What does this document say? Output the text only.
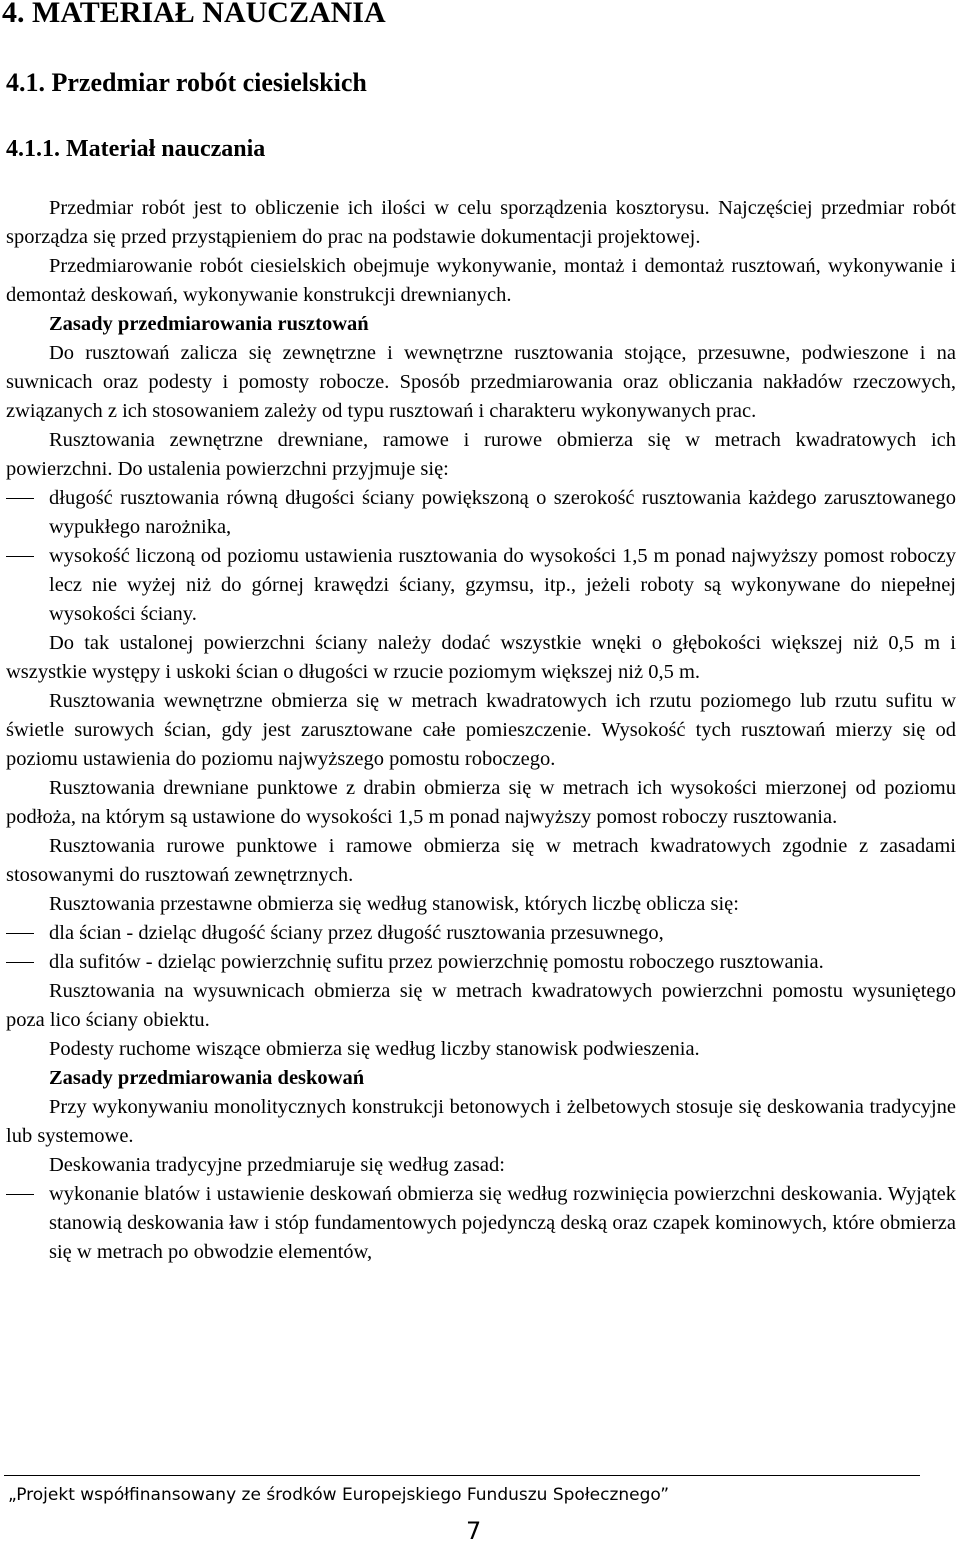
4. MATERIAŁ NAUCZANIA
4.1. Przedmiar robót ciesielskich
4.1.1. Materiał nauczania

Przedmiar robót jest to obliczenie ich ilości w celu sporządzenia kosztorysu. Najczęściej przedmiar robót sporządza się przed przystąpieniem do prac na podstawie dokumentacji projektowej.

Przedmiarowanie robót ciesielskich obejmuje wykonywanie, montaż i demontaż rusztowań, wykonywanie i demontaż deskowań, wykonywanie konstrukcji drewnianych.

Zasady przedmiarowania rusztowań

Do rusztowań zalicza się zewnętrzne i wewnętrzne rusztowania stojące, przesuwne, podwieszone i na suwnicach oraz podesty i pomosty robocze. Sposób przedmiarowania oraz obliczania nakładów rzeczowych, związanych z ich stosowaniem zależy od typu rusztowań i charakteru wykonywanych prac.

Rusztowania zewnętrzne drewniane, ramowe i rurowe obmierza się w metrach kwadratowych ich powierzchni. Do ustalenia powierzchni przyjmuje się:

długość rusztowania równą długości ściany powiększoną o szerokość rusztowania każdego zarusztowanego wypukłego narożnika,
wysokość liczoną od poziomu ustawienia rusztowania do wysokości 1,5 m ponad najwyższy pomost roboczy lecz nie wyżej niż do górnej krawędzi ściany, gzymsu, itp., jeżeli roboty są wykonywane do niepełnej wysokości ściany.

Do tak ustalonej powierzchni ściany należy dodać wszystkie wnęki o głębokości większej niż 0,5 m i wszystkie występy i uskoki ścian o długości w rzucie poziomym większej niż 0,5 m.

Rusztowania wewnętrzne obmierza się w metrach kwadratowych ich rzutu poziomego lub rzutu sufitu w świetle surowych ścian, gdy jest zarusztowane całe pomieszczenie. Wysokość tych rusztowań mierzy się od poziomu ustawienia do poziomu najwyższego pomostu roboczego.

Rusztowania drewniane punktowe z drabin obmierza się w metrach ich wysokości mierzonej od poziomu podłoża, na którym są ustawione do wysokości 1,5 m ponad najwyższy pomost roboczy rusztowania.

Rusztowania rurowe punktowe i ramowe obmierza się w metrach kwadratowych zgodnie z zasadami stosowanymi do rusztowań zewnętrznych.

Rusztowania przestawne obmierza się według stanowisk, których liczbę oblicza się:

dla ścian - dzieląc długość ściany przez długość rusztowania przesuwnego,
dla sufitów - dzieląc powierzchnię sufitu przez powierzchnię pomostu roboczego rusztowania.

Rusztowania na wysuwnicach obmierza się w metrach kwadratowych powierzchni pomostu wysuniętego poza lico ściany obiektu.

Podesty ruchome wiszące obmierza się według liczby stanowisk podwieszenia.

Zasady przedmiarowania deskowań

Przy wykonywaniu monolitycznych konstrukcji betonowych i żelbetowych stosuje się deskowania tradycyjne lub systemowe.

Deskowania tradycyjne przedmiaruje się według zasad:

wykonanie blatów i ustawienie deskowań obmierza się według rozwinięcia powierzchni deskowania. Wyjątek stanowią deskowania ław i stóp fundamentowych pojedynczą deską oraz czapek kominowych, które obmierza się w metrach po obwodzie elementów,
„Projekt współfinansowany ze środków Europejskiego Funduszu Społecznego”
7
